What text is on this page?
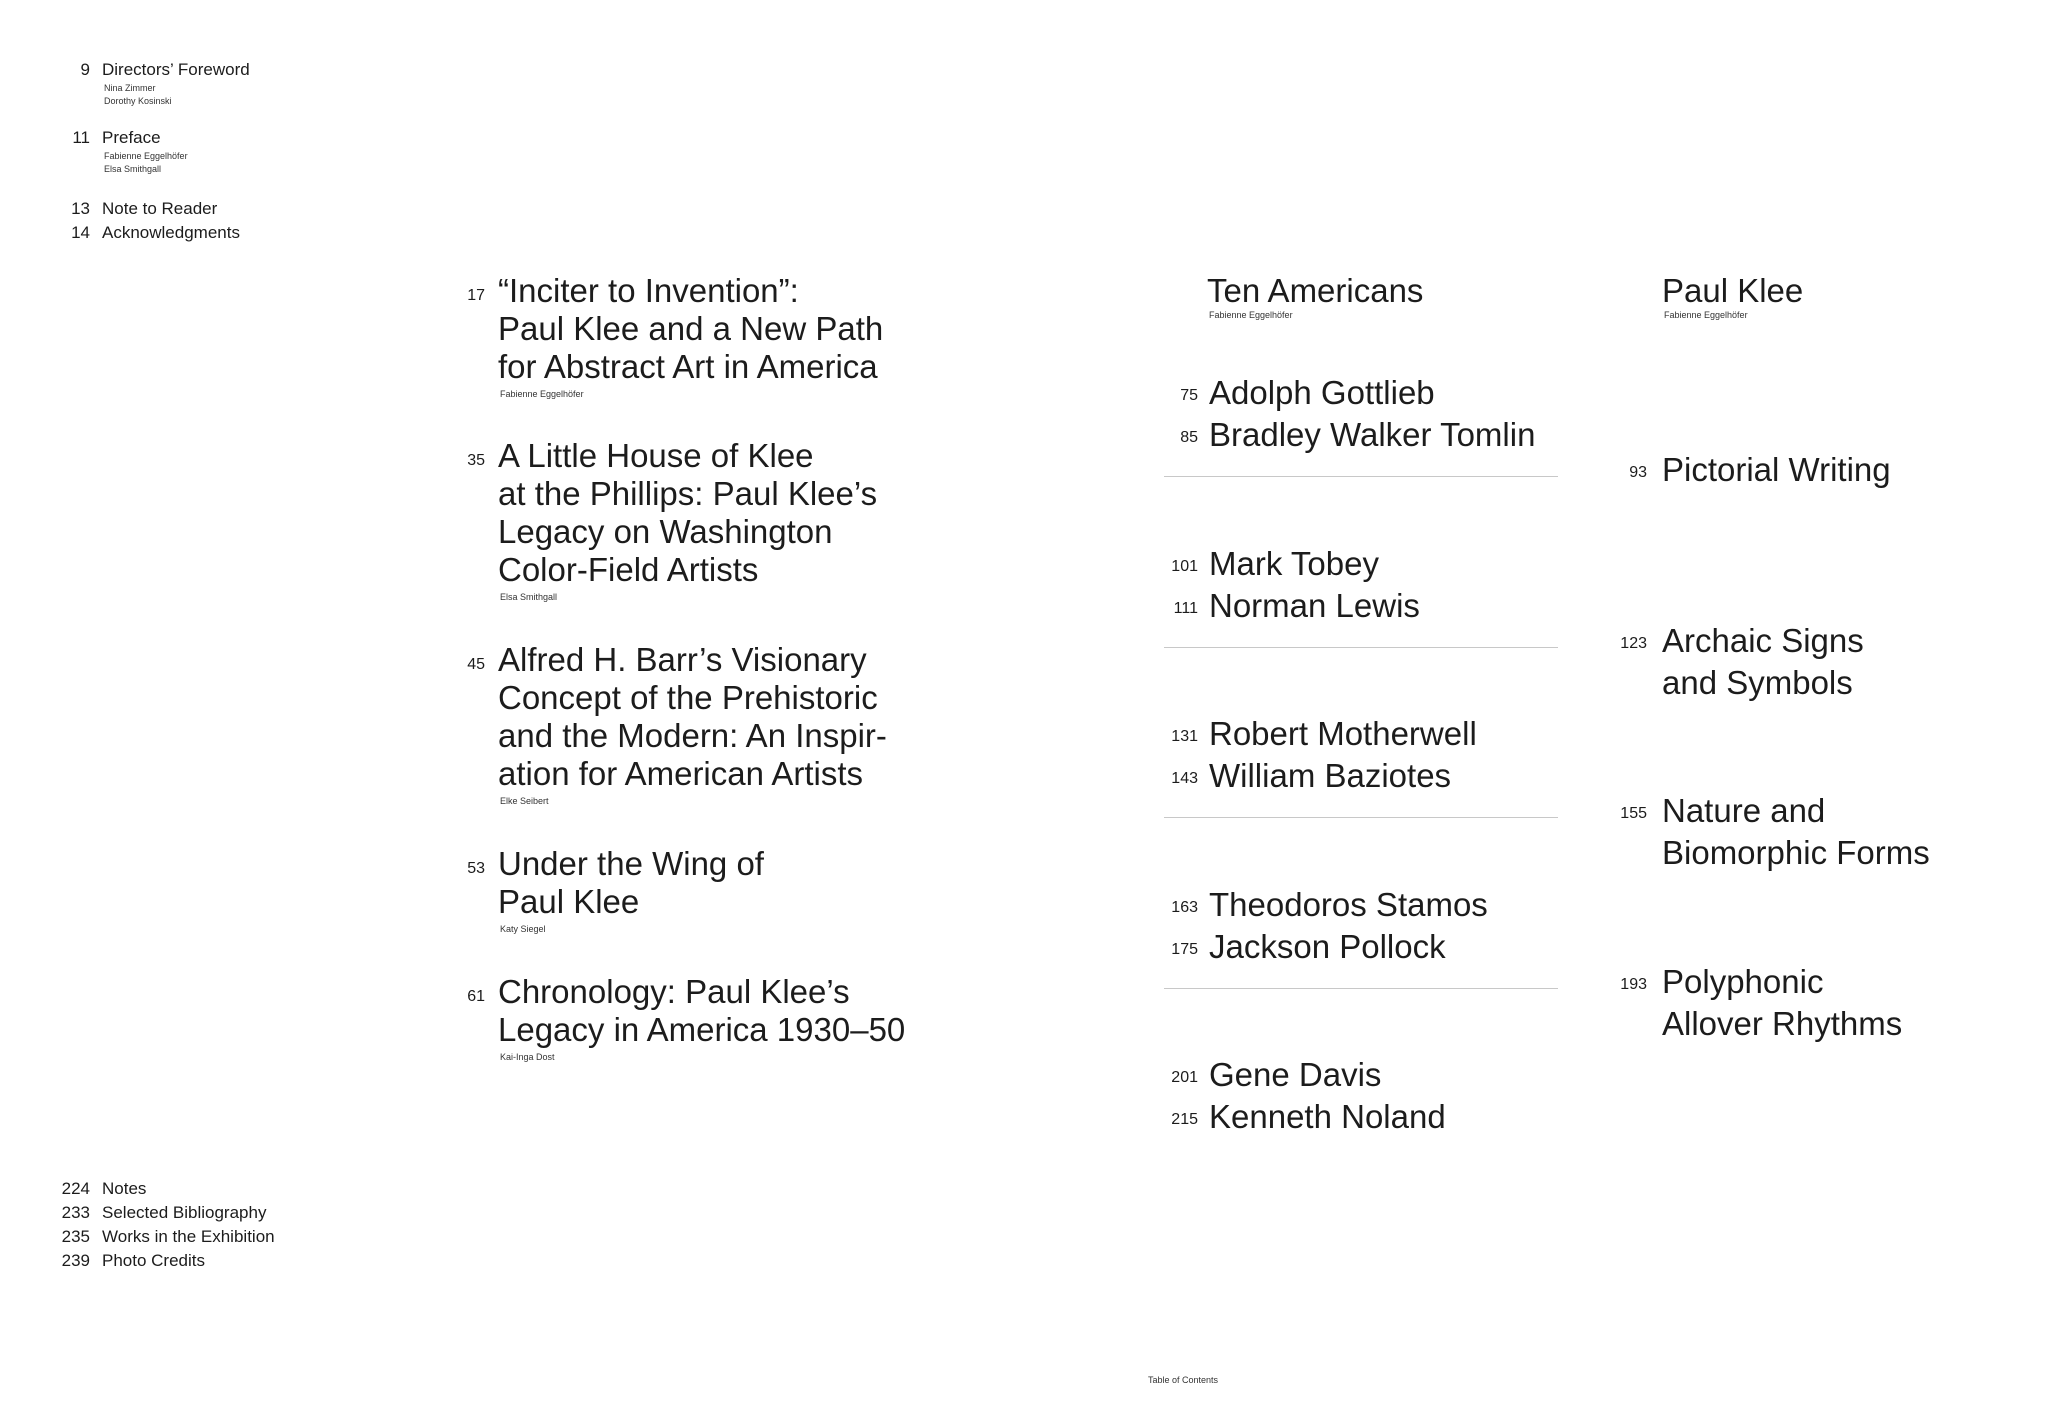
9 Directors’ Foreword
Nina Zimmer
Dorothy Kosinski
11 Preface
Fabienne Eggelhöfer
Elsa Smithgall
13 Note to Reader
14 Acknowledgments
17 “Inciter to Invention”:
Paul Klee and a New Path
for Abstract Art in America
Fabienne Eggelhöfer
35 A Little House of Klee
at the Phillips: Paul Klee’s
Legacy on Washington
Color-Field Artists
Elsa Smithgall
45 Alfred H. Barr’s Visionary
Concept of the Prehistoric
and the Modern: An Inspir-
ation for American Artists
Elke Seibert
53 Under the Wing of
Paul Klee
Katy Siegel
61 Chronology: Paul Klee’s
Legacy in America 1930–50
Kai-Inga Dost
Ten Americans
Fabienne Eggelhöfer
75 Adolph Gottlieb
85 Bradley Walker Tomlin
101 Mark Tobey
111 Norman Lewis
131 Robert Motherwell
143 William Baziotes
163 Theodoros Stamos
175 Jackson Pollock
201 Gene Davis
215 Kenneth Noland
Paul Klee
Fabienne Eggelhöfer
93 Pictorial Writing
123 Archaic Signs
and Symbols
155 Nature and
Biomorphic Forms
193 Polyphonic
Allover Rhythms
224 Notes
233 Selected Bibliography
235 Works in the Exhibition
239 Photo Credits
Table of Contents
